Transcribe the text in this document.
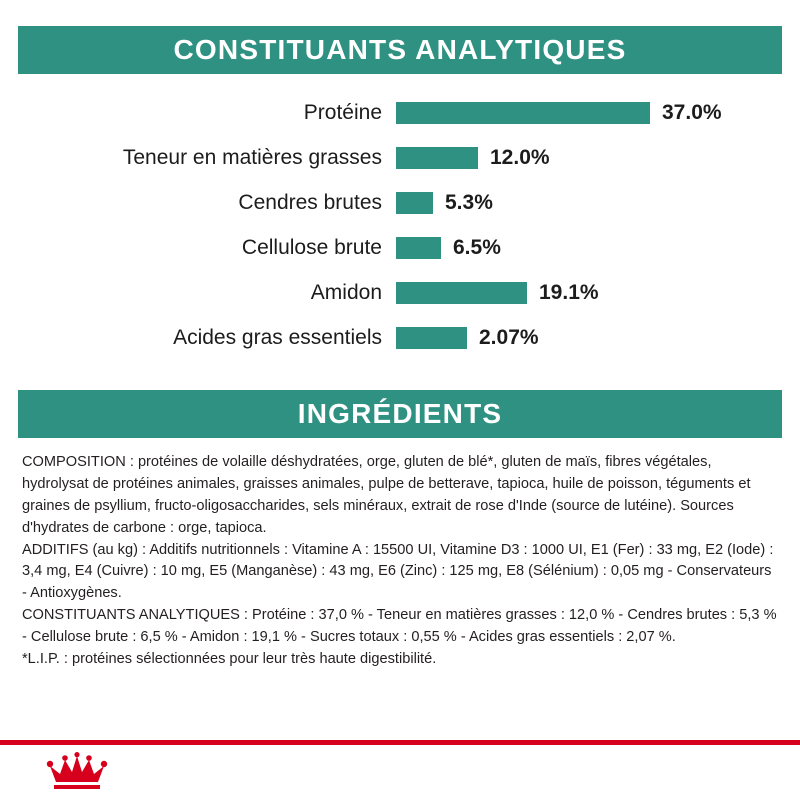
CONSTITUANTS ANALYTIQUES
Protéine	37.0%
Teneur en matières grasses	12.0%
Cendres brutes	5.3%
Cellulose brute	6.5%
Amidon	19.1%
Acides gras essentiels	2.07%
INGRÉDIENTS

COMPOSITION : protéines de volaille déshydratées, orge, gluten de blé*, gluten de maïs, fibres végétales, hydrolysat de protéines animales, graisses animales, pulpe de betterave, tapioca, huile de poisson, téguments et graines de psyllium, fructo-oligosaccharides, sels minéraux, extrait de rose d'Inde (source de lutéine). Sources d'hydrates de carbone : orge, tapioca.

ADDITIFS (au kg) : Additifs nutritionnels : Vitamine A : 15500 UI, Vitamine D3 : 1000 UI, E1 (Fer) : 33 mg, E2 (Iode) : 3,4 mg, E4 (Cuivre) : 10 mg, E5 (Manganèse) : 43 mg, E6 (Zinc) : 125 mg, E8 (Sélénium) : 0,05 mg - Conservateurs - Antioxygènes.

CONSTITUANTS ANALYTIQUES : Protéine : 37,0 % - Teneur en matières grasses : 12,0 % - Cendres brutes : 5,3 % - Cellulose brute : 6,5 % - Amidon : 19,1 % - Sucres totaux : 0,55 % - Acides gras essentiels : 2,07 %.

*L.I.P. : protéines sélectionnées pour leur très haute digestibilité.
